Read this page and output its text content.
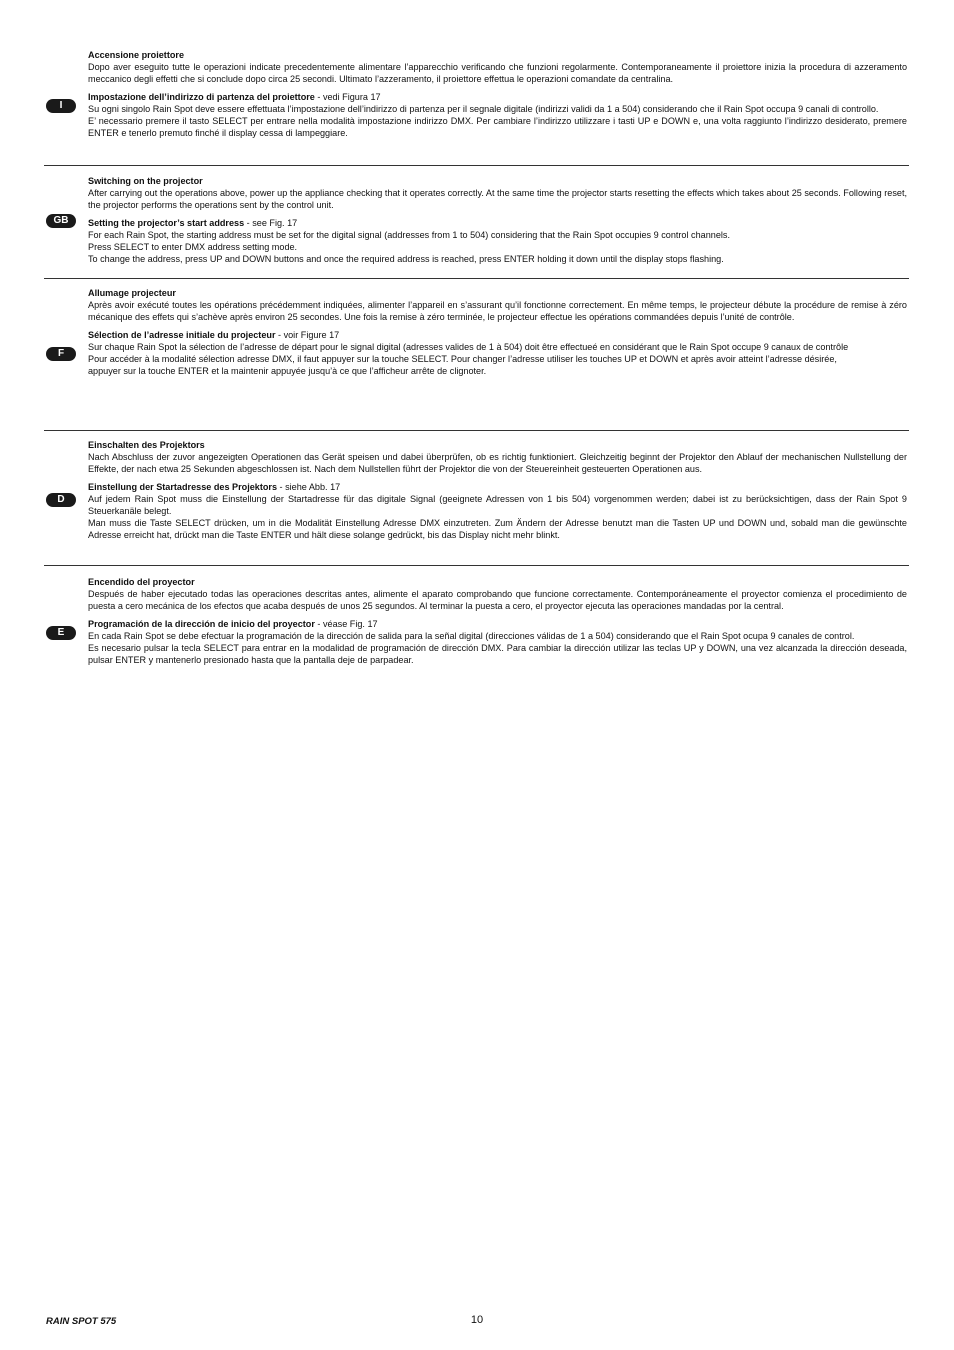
I

Accensione proiettore

Dopo aver eseguito tutte le operazioni indicate precedentemente alimentare l’apparecchio verificando che funzioni regolarmente. Contemporaneamente il proiettore inizia la procedura di azzeramento meccanico degli effetti che si conclude dopo circa 25 secondi. Ultimato l’azzeramento, il proiettore effettua le operazioni comandate da centralina.

Impostazione dell’indirizzo di partenza del proiettore - vedi Figura 17

Su ogni singolo Rain Spot deve essere effettuata l’impostazione dell’indirizzo di partenza per il segnale digitale (indirizzi validi da 1 a 504) considerando che il Rain Spot occupa 9 canali di controllo.

E’ necessario premere il tasto SELECT per entrare nella modalità impostazione indirizzo DMX. Per cambiare l’indirizzo utilizzare i tasti UP e DOWN e, una volta raggiunto l’indirizzo desiderato, premere ENTER e tenerlo premuto finché il display cessa di lampeggiare.

GB

Switching on the projector

After carrying out the operations above, power up the appliance checking that it operates correctly. At the same time the projector starts resetting the effects which takes about 25 seconds. Following reset, the projector performs the operations sent by the control unit.

Setting the projector’s start address - see Fig. 17

For each Rain Spot, the starting address must be set for the digital signal (addresses from 1 to 504) considering that the Rain Spot occupies 9 control channels.

Press SELECT to enter DMX address setting mode.

To change the address, press UP and DOWN buttons and once the required address is reached, press ENTER holding it down until the display stops flashing.

F

Allumage projecteur

Après avoir exécuté toutes les opérations précédemment indiquées, alimenter l’appareil en s’assurant qu’il fonctionne correctement. En même temps, le projecteur débute la procédure de remise à zéro mécanique des effets qui s’achève après environ 25 secondes. Une fois la remise à zéro terminée, le projecteur effectue les opérations commandées depuis l’unité de contrôle.

Sélection de l’adresse initiale du projecteur - voir Figure 17

Sur chaque Rain Spot la sélection de l’adresse de départ pour le signal digital (adresses valides de 1 à 504) doit être effectueé en considérant que le Rain Spot occupe 9 canaux de contrôle

Pour accéder à la modalité sélection adresse DMX, il faut appuyer sur la touche SELECT. Pour changer l’adresse utiliser les touches UP et DOWN et après avoir atteint l’adresse désirée,

appuyer sur la touche ENTER et la maintenir appuyée jusqu’à ce que l’afficheur arrête de clignoter.

D

Einschalten des Projektors

Nach Abschluss der zuvor angezeigten Operationen das Gerät speisen und dabei überprüfen, ob es richtig funktioniert. Gleichzeitig beginnt der Projektor den Ablauf der mechanischen Nullstellung der Effekte, der nach etwa 25 Sekunden abgeschlossen ist. Nach dem Nullstellen führt der Projektor die von der Steuereinheit gesteuerten Operationen aus.

Einstellung der Startadresse des Projektors - siehe Abb. 17

Auf jedem Rain Spot muss die Einstellung der Startadresse für das digitale Signal (geeignete Adressen von 1 bis 504) vorgenommen werden; dabei ist zu berücksichtigen, dass der Rain Spot 9 Steuerkanäle belegt.

Man muss die Taste SELECT drücken, um in die Modalität Einstellung Adresse DMX einzutreten. Zum Ändern der Adresse benutzt man die Tasten UP und DOWN und, sobald man die gewünschte Adresse erreicht hat, drückt man die Taste ENTER und hält diese solange gedrückt, bis das Display nicht mehr blinkt.

E

Encendido del proyector

Después de haber ejecutado todas las operaciones descritas antes, alimente el aparato comprobando que funcione correctamente. Contemporáneamente el proyector comienza el procedimiento de puesta a cero mecánica de los efectos que acaba después de unos 25 segundos. Al terminar la puesta a cero, el proyector ejecuta las operaciones mandadas por la central.

Programación de la dirección de inicio del proyector - véase Fig. 17

En cada Rain Spot se debe efectuar la programación de la dirección de salida para la señal digital (direcciones válidas de 1 a 504) considerando que el Rain Spot ocupa 9 canales de control.

Es necesario pulsar la tecla SELECT para entrar en la modalidad de programación de dirección DMX. Para cambiar la dirección utilizar las teclas UP y DOWN, una vez alcanzada la dirección deseada, pulsar ENTER y mantenerlo presionado hasta que la pantalla deje de parpadear.

RAIN SPOT 575	10
